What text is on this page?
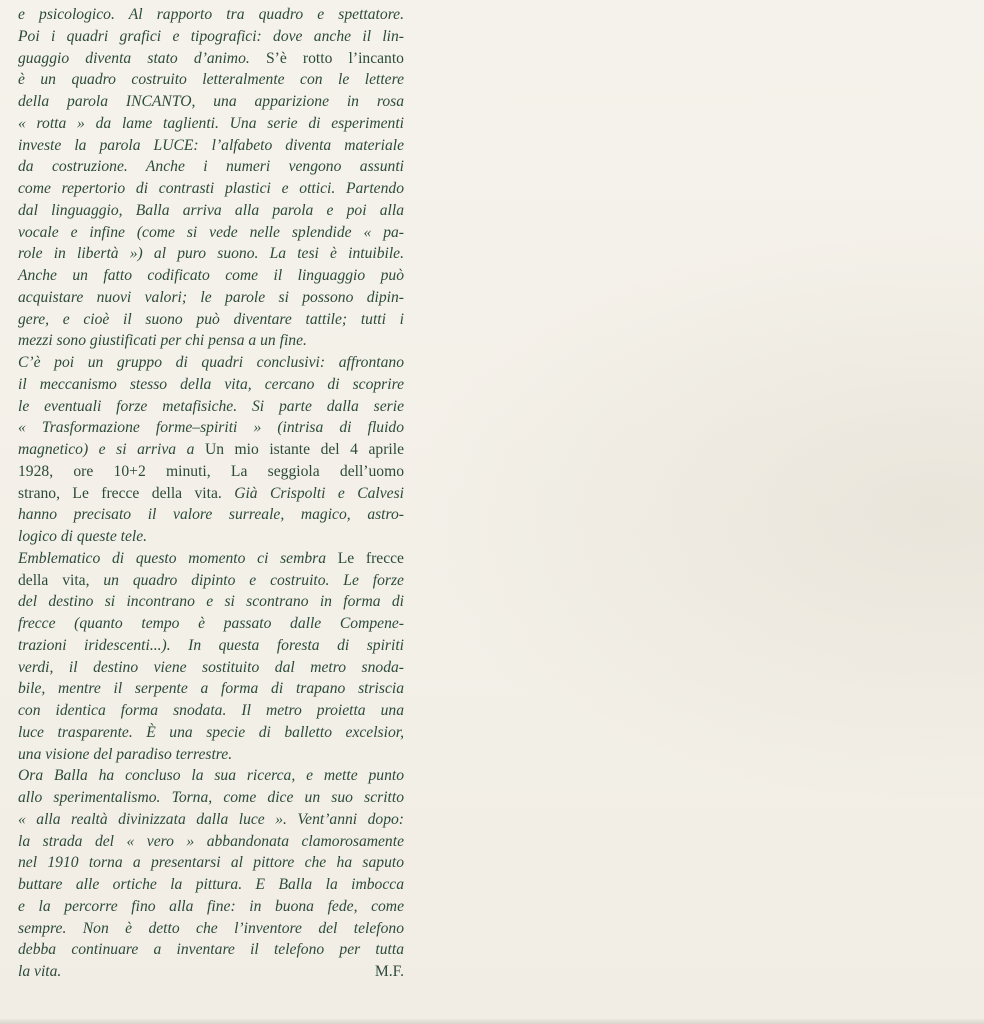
e psicologico. Al rapporto tra quadro e spettatore.
Poi i quadri grafici e tipografici: dove anche il lin-
guaggio diventa stato d’animo. S’è rotto l’incanto
è un quadro costruito letteralmente con le lettere
della parola INCANTO, una apparizione in rosa
« rotta » da lame taglienti. Una serie di esperimenti
investe la parola LUCE: l’alfabeto diventa materiale
da costruzione. Anche i numeri vengono assunti
come repertorio di contrasti plastici e ottici. Partendo
dal linguaggio, Balla arriva alla parola e poi alla
vocale e infine (come si vede nelle splendide « pa-
role in libertà ») al puro suono. La tesi è intuibile.
Anche un fatto codificato come il linguaggio può
acquistare nuovi valori; le parole si possono dipin-
gere, e cioè il suono può diventare tattile; tutti i
mezzi sono giustificati per chi pensa a un fine.
C’è poi un gruppo di quadri conclusivi: affrontano
il meccanismo stesso della vita, cercano di scoprire
le eventuali forze metafisiche. Si parte dalla serie
« Trasformazione forme–spiriti » (intrisa di fluido
magnetico) e si arriva a Un mio istante del 4 aprile
1928, ore 10+2 minuti, La seggiola dell’uomo
strano, Le frecce della vita. Già Crispolti e Calvesi
hanno precisato il valore surreale, magico, astro-
logico di queste tele.
Emblematico di questo momento ci sembra Le frecce
della vita, un quadro dipinto e costruito. Le forze
del destino si incontrano e si scontrano in forma di
frecce (quanto tempo è passato dalle Compene-
trazioni iridescenti...). In questa foresta di spiriti
verdi, il destino viene sostituito dal metro snoda-
bile, mentre il serpente a forma di trapano striscia
con identica forma snodata. Il metro proietta una
luce trasparente. È una specie di balletto excelsior,
una visione del paradiso terrestre.
Ora Balla ha concluso la sua ricerca, e mette punto
allo sperimentalismo. Torna, come dice un suo scritto
« alla realtà divinizzata dalla luce ». Vent’anni dopo:
la strada del « vero » abbandonata clamorosamente
nel 1910 torna a presentarsi al pittore che ha saputo
buttare alle ortiche la pittura. E Balla la imbocca
e la percorre fino alla fine: in buona fede, come
sempre. Non è detto che l’inventore del telefono
debba continuare a inventare il telefono per tutta
la vita.	M.F.
